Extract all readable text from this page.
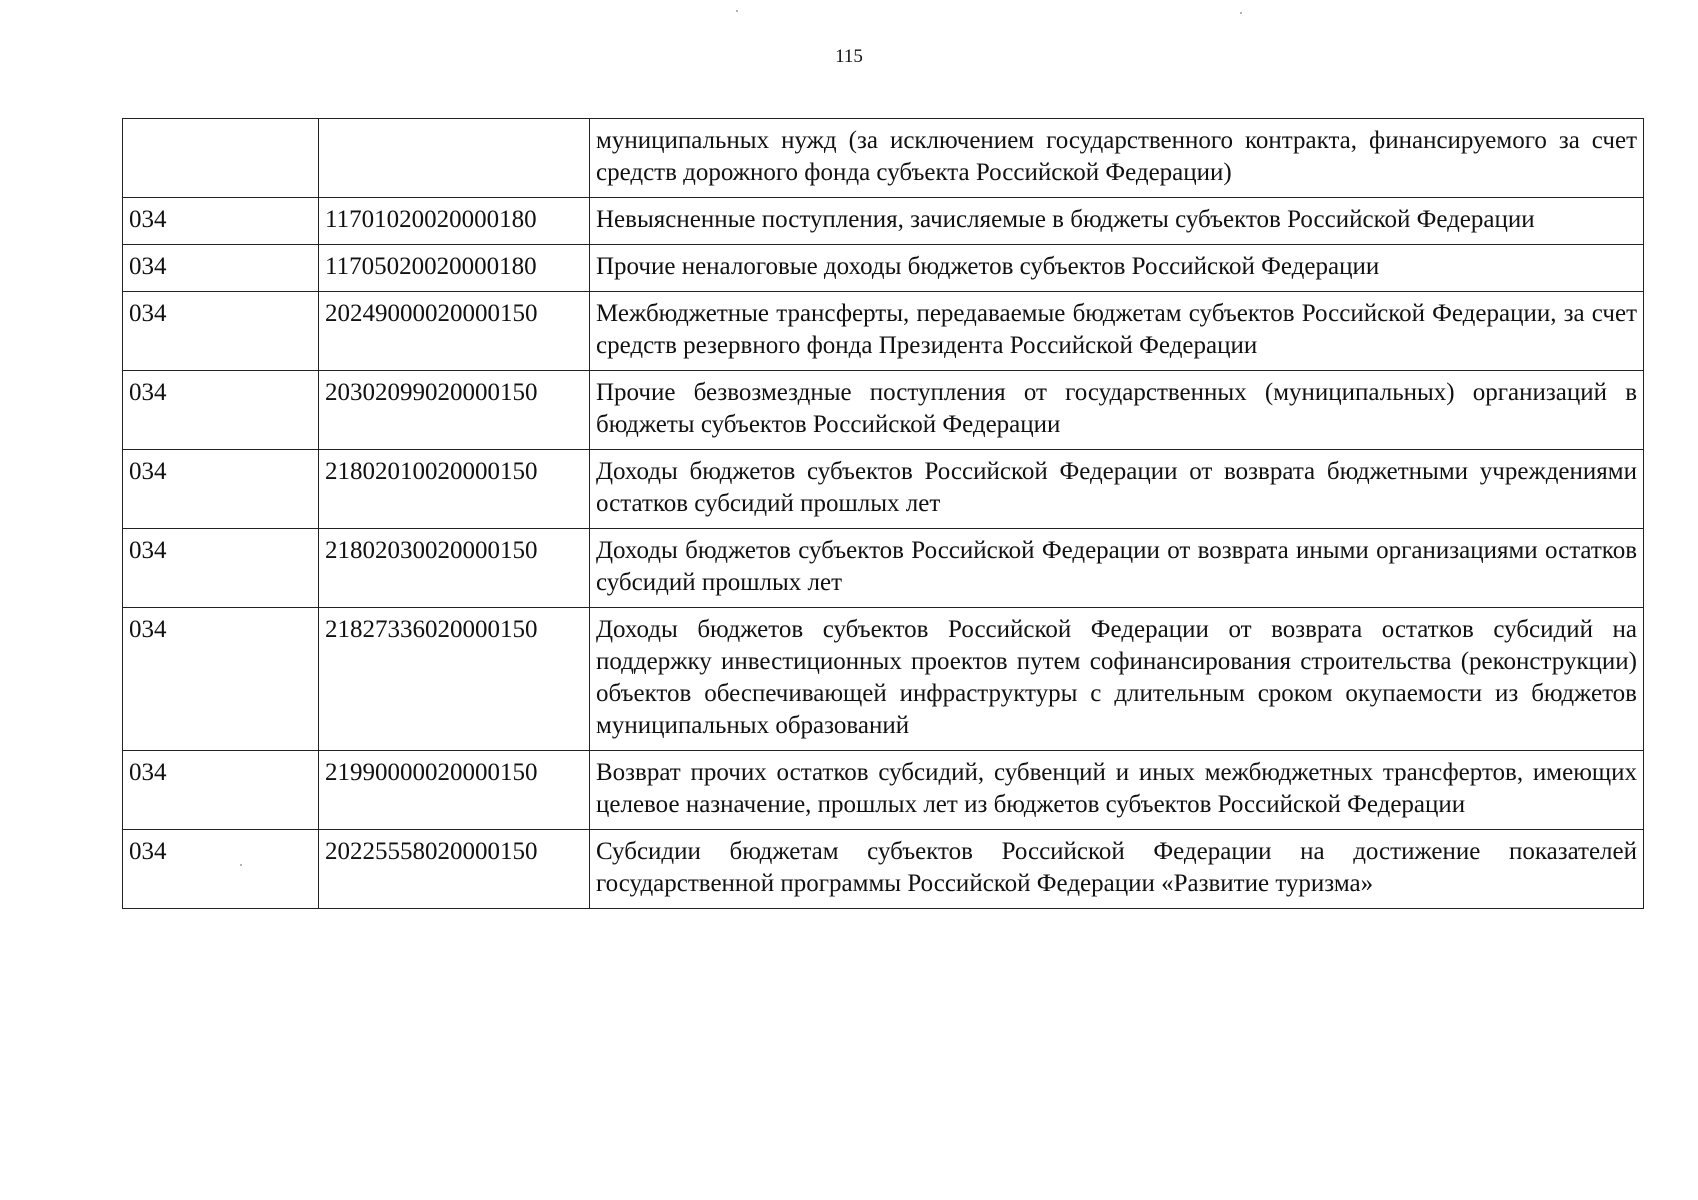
115
		муниципальных нужд (за исключением государственного контракта, финансируемого за счет средств дорожного фонда субъекта Российской Федерации)
034	11701020020000180	Невыясненные поступления, зачисляемые в бюджеты субъектов Российской Федерации
034	11705020020000180	Прочие неналоговые доходы бюджетов субъектов Российской Федерации
034	20249000020000150	Межбюджетные трансферты, передаваемые бюджетам субъектов Российской Федерации, за счет средств резервного фонда Президента Российской Федерации
034	20302099020000150	Прочие безвозмездные поступления от государственных (муниципальных) организаций в бюджеты субъектов Российской Федерации
034	21802010020000150	Доходы бюджетов субъектов Российской Федерации от возврата бюджетными учреждениями остатков субсидий прошлых лет
034	21802030020000150	Доходы бюджетов субъектов Российской Федерации от возврата иными организациями остатков субсидий прошлых лет
034	21827336020000150	Доходы бюджетов субъектов Российской Федерации от возврата остатков субсидий на поддержку инвестиционных проектов путем софинансирования строительства (реконструкции) объектов обеспечивающей инфраструктуры с длительным сроком окупаемости из бюджетов муниципальных образований
034	21990000020000150	Возврат прочих остатков субсидий, субвенций и иных межбюджетных трансфертов, имеющих целевое назначение, прошлых лет из бюджетов субъектов Российской Федерации
034	20225558020000150	Субсидии бюджетам субъектов Российской Федерации на достижение показателей государственной программы Российской Федерации «Развитие туризма»
